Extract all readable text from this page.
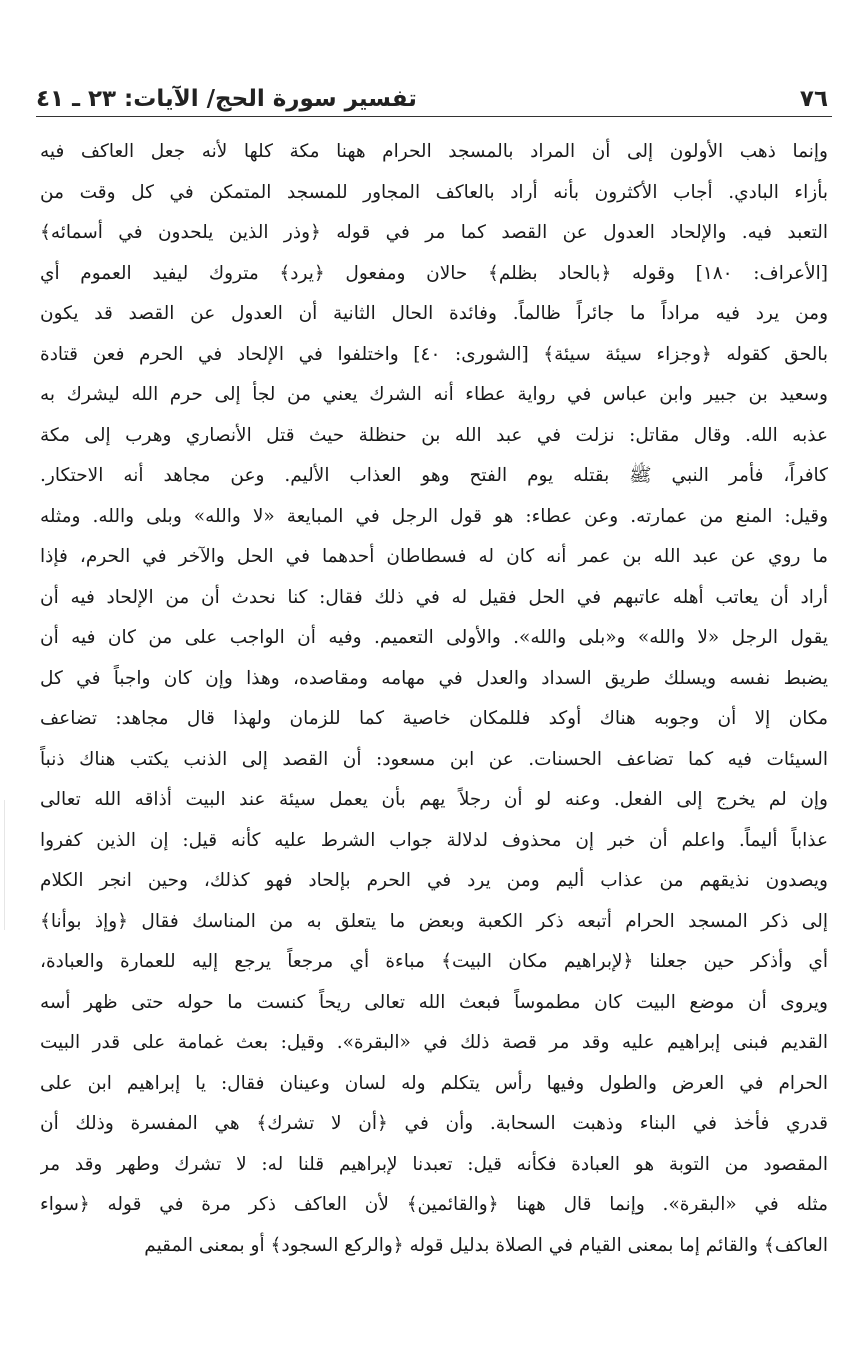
٧٦
تفسير سورة الحج/ الآيات: ٢٣ ـ ٤١
وإنما ذهب الأولون إلى أن المراد بالمسجد الحرام ههنا مكة كلها لأنه جعل العاكف فيه
بأزاء البادي. أجاب الأكثرون بأنه أراد بالعاكف المجاور للمسجد المتمكن في كل وقت من
التعبد فيه. والإلحاد العدول عن القصد كما مر في قوله ﴿وذر الذين يلحدون في أسمائه﴾
[الأعراف: ١٨٠] وقوله ﴿بالحاد بظلم﴾ حالان ومفعول ﴿يرد﴾ متروك ليفيد العموم أي
ومن يرد فيه مراداً ما جائراً ظالماً. وفائدة الحال الثانية أن العدول عن القصد قد يكون
بالحق كقوله ﴿وجزاء سيئة سيئة﴾ [الشورى: ٤٠] واختلفوا في الإلحاد في الحرم فعن قتادة
وسعيد بن جبير وابن عباس في رواية عطاء أنه الشرك يعني من لجأ إلى حرم الله ليشرك به
عذبه الله. وقال مقاتل: نزلت في عبد الله بن حنظلة حيث قتل الأنصاري وهرب إلى مكة
كافراً، فأمر النبي ﷺ بقتله يوم الفتح وهو العذاب الأليم. وعن مجاهد أنه الاحتكار.
وقيل: المنع من عمارته. وعن عطاء: هو قول الرجل في المبايعة «لا والله» وبلى والله. ومثله
ما روي عن عبد الله بن عمر أنه كان له فسطاطان أحدهما في الحل والآخر في الحرم، فإذا
أراد أن يعاتب أهله عاتبهم في الحل فقيل له في ذلك فقال: كنا نحدث أن من الإلحاد فيه أن
يقول الرجل «لا والله» و«بلى والله». والأولى التعميم. وفيه أن الواجب على من كان فيه أن
يضبط نفسه ويسلك طريق السداد والعدل في مهامه ومقاصده، وهذا وإن كان واجباً في كل
مكان إلا أن وجوبه هناك أوكد فللمكان خاصية كما للزمان ولهذا قال مجاهد: تضاعف
السيئات فيه كما تضاعف الحسنات. عن ابن مسعود: أن القصد إلى الذنب يكتب هناك ذنباً
وإن لم يخرج إلى الفعل. وعنه لو أن رجلاً يهم بأن يعمل سيئة عند البيت أذاقه الله تعالى
عذاباً أليماً. واعلم أن خبر إن محذوف لدلالة جواب الشرط عليه كأنه قيل: إن الذين كفروا
ويصدون نذيقهم من عذاب أليم ومن يرد في الحرم بإلحاد فهو كذلك، وحين انجر الكلام
إلى ذكر المسجد الحرام أتبعه ذكر الكعبة وبعض ما يتعلق به من المناسك فقال ﴿وإذ بوأنا﴾
أي وأذكر حين جعلنا ﴿لإبراهيم مكان البيت﴾ مباءة أي مرجعاً يرجع إليه للعمارة والعبادة،
ويروى أن موضع البيت كان مطموساً فبعث الله تعالى ريحاً كنست ما حوله حتى ظهر أسه
القديم فبنى إبراهيم عليه وقد مر قصة ذلك في «البقرة». وقيل: بعث غمامة على قدر البيت
الحرام في العرض والطول وفيها رأس يتكلم وله لسان وعينان فقال: يا إبراهيم ابن على
قدري فأخذ في البناء وذهبت السحابة. وأن في ﴿أن لا تشرك﴾ هي المفسرة وذلك أن
المقصود من التوبة هو العبادة فكأنه قيل: تعبدنا لإبراهيم قلنا له: لا تشرك وطهر وقد مر
مثله في «البقرة». وإنما قال ههنا ﴿والقائمين﴾ لأن العاكف ذكر مرة في قوله ﴿سواء
العاكف﴾ والقائم إما بمعنى القيام في الصلاة بدليل قوله ﴿والركع السجود﴾ أو بمعنى المقيم
